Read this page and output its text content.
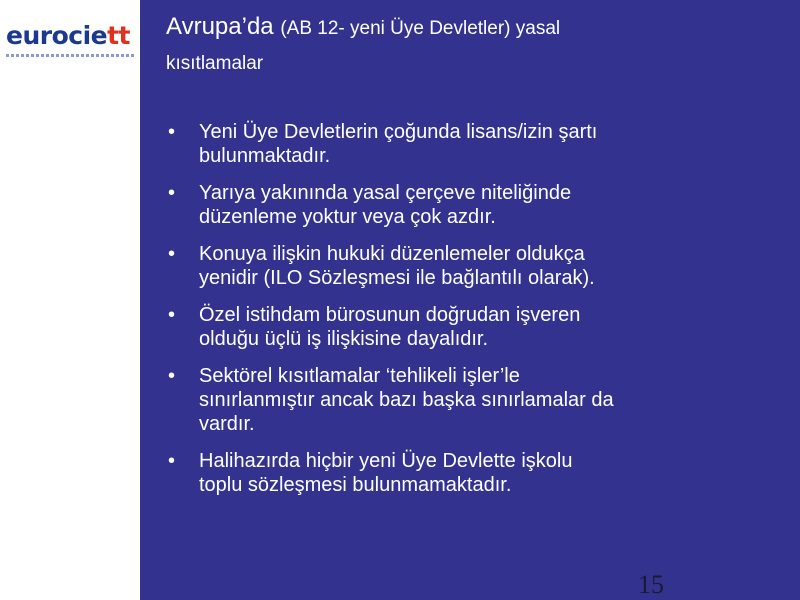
eurociett Avrupa’da (AB 12- yeni Üye Devletler) yasal
kısıtlamalar
• Yeni Üye Devletlerin çoğunda lisans/izin şartı
bulunmaktadır.
• Yarıya yakınında yasal çerçeve niteliğinde
düzenleme yoktur veya çok azdır.
• Konuya ilişkin hukuki düzenlemeler oldukça
yenidir (ILO Sözleşmesi ile bağlantılı olarak).
• Özel istihdam bürosunun doğrudan işveren
olduğu üçlü iş ilişkisine dayalıdır.
• Sektörel kısıtlamalar ‘tehlikeli işler’le
sınırlanmıştır ancak bazı başka sınırlamalar da
vardır.
• Halihazırda hiçbir yeni Üye Devlette işkolu
toplu sözleşmesi bulunmamaktadır.
15
